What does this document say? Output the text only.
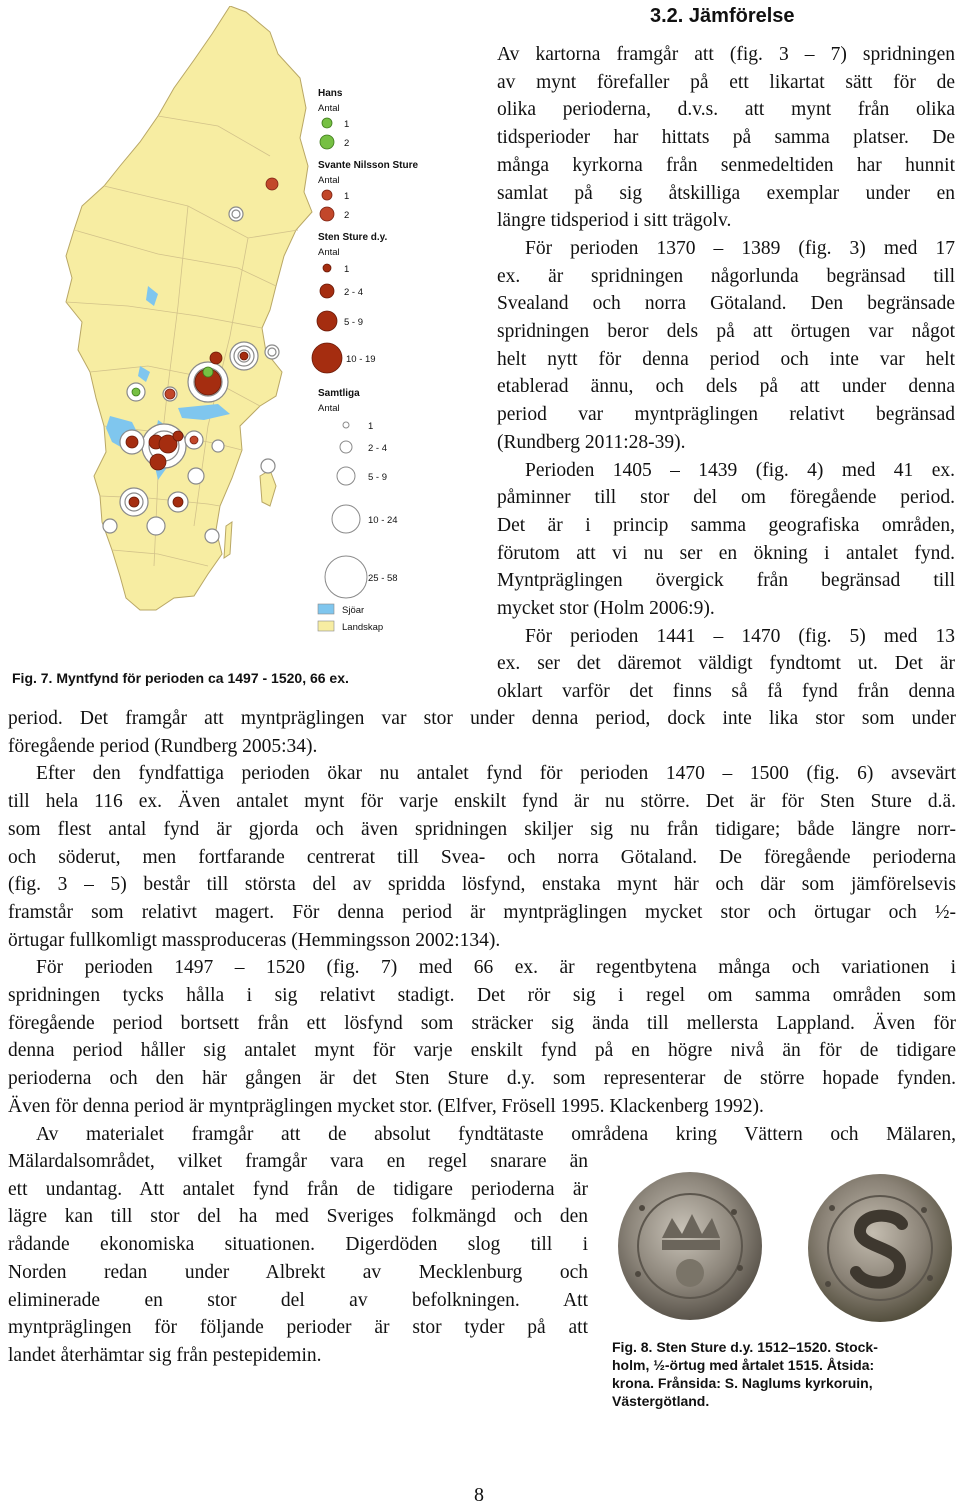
Hans
Antal
1
2
Svante Nilsson Sture
Antal
1
2
Sten Sture d.y.
Antal
1
2 - 4
5 - 9
10 - 19
Samtliga
Antal
1
2 - 4
5 - 9
10 - 24
25 - 58
Sjöar
Landskap
Fig. 7. Myntfynd för perioden ca 1497 - 1520, 66 ex.
3.2. Jämförelse
Av kartorna framgår att (fig. 3 – 7) spridningen
av mynt förefaller på ett likartat sätt för de
olika perioderna, d.v.s. att mynt från olika
tidsperioder har hittats på samma platser. De
många kyrkorna från senmedeltiden har hunnit
samlat på sig åtskilliga exemplar under en
längre tidsperiod i sitt trägolv.
För perioden 1370 – 1389 (fig. 3) med 17
ex. är spridningen någorlunda begränsad till
Svealand och norra Götaland. Den begränsade
spridningen beror dels på att örtugen var något
helt nytt för denna period och inte var helt
etablerad ännu, och dels på att under denna
period var myntpräglingen relativt begränsad
(Rundberg 2011:28-39).
Perioden 1405 – 1439 (fig. 4) med 41 ex.
påminner till stor del om föregående period.
Det är i princip samma geografiska områden,
förutom att vi nu ser en ökning i antalet fynd.
Myntpräglingen övergick från begränsad till
mycket stor (Holm 2006:9).
För perioden 1441 – 1470 (fig. 5) med 13
ex. ser det däremot väldigt fyndtomt ut. Det är
oklart varför det finns så få fynd från denna
period. Det framgår att myntpräglingen var stor under denna period, dock inte lika stor som under
föregående period (Rundberg 2005:34).
Efter den fyndfattiga perioden ökar nu antalet fynd för perioden 1470 – 1500 (fig. 6) avsevärt
till hela 116 ex. Även antalet mynt för varje enskilt fynd är nu större. Det är för Sten Sture d.ä.
som flest antal fynd är gjorda och även spridningen skiljer sig nu från tidigare; både längre norr-
och söderut, men fortfarande centrerat till Svea- och norra Götaland. De föregående perioderna
(fig. 3 – 5) består till största del av spridda lösfynd, enstaka mynt här och där som jämförelsevis
framstår som relativt magert. För denna period är myntpräglingen mycket stor och örtugar och ½-
örtugar fullkomligt massproduceras (Hemmingsson 2002:134).
För perioden 1497 – 1520 (fig. 7) med 66 ex. är regentbytena många och variationen i
spridningen tycks hålla i sig relativt stadigt. Det rör sig i regel om samma områden som
föregående period bortsett från ett lösfynd som sträcker sig ända till mellersta Lappland. Även för
denna period håller sig antalet mynt för varje enskilt fynd på en högre nivå än för de tidigare
perioderna och den här gången är det Sten Sture d.y. som representerar de större hopade fynden.
Även för denna period är myntpräglingen mycket stor. (Elfver, Frösell 1995. Klackenberg 1992).
Av materialet framgår att de absolut fyndtätaste områdena kring Vättern och Mälaren,
Mälardalsområdet, vilket framgår vara en regel snarare än
ett undantag. Att antalet fynd från de tidigare perioderna är
lägre kan till stor del ha med Sveriges folkmängd och den
rådande ekonomiska situationen. Digerdöden slog till i
Norden redan under Albrekt av Mecklenburg och
eliminerade en stor del av befolkningen. Att
myntpräglingen för följande perioder är stor tyder på att
landet återhämtar sig från pestepidemin.	Fig. 8. Sten Sture d.y. 1512–1520. Stock-
holm, ½-örtug med årtalet 1515. Åtsida:
krona. Frånsida: S. Naglums kyrkoruin,
Västergötland.
8
